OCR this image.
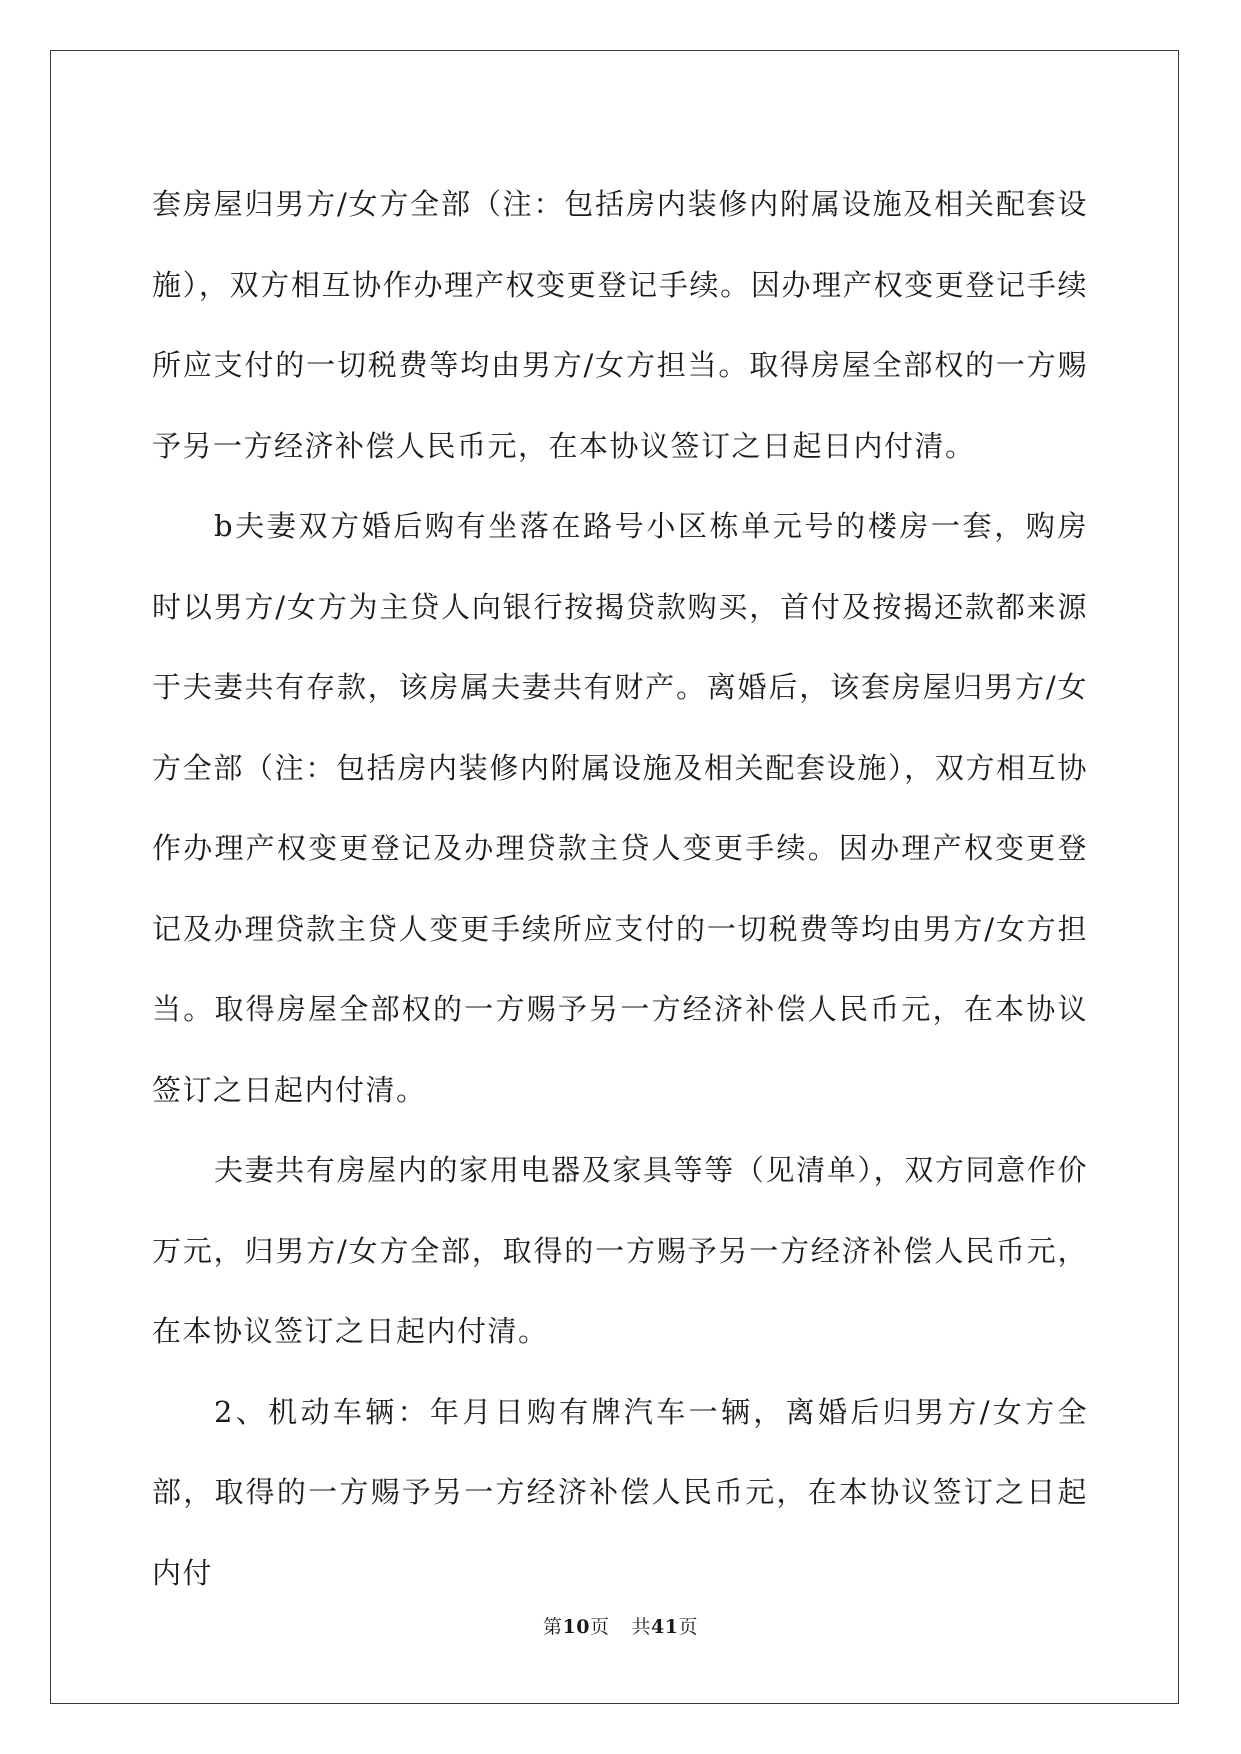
套房屋归男方/女方全部（注：包括房内装修内附属设施及相关配套设施），双方相互协作办理产权变更登记手续。因办理产权变更登记手续所应支付的一切税费等均由男方/女方担当。取得房屋全部权的一方赐予另一方经济补偿人民币元，在本协议签订之日起日内付清。

b夫妻双方婚后购有坐落在路号小区栋单元号的楼房一套，购房时以男方/女方为主贷人向银行按揭贷款购买，首付及按揭还款都来源于夫妻共有存款，该房属夫妻共有财产。离婚后，该套房屋归男方/女方全部（注：包括房内装修内附属设施及相关配套设施），双方相互协作办理产权变更登记及办理贷款主贷人变更手续。因办理产权变更登记及办理贷款主贷人变更手续所应支付的一切税费等均由男方/女方担当。取得房屋全部权的一方赐予另一方经济补偿人民币元，在本协议签订之日起内付清。

夫妻共有房屋内的家用电器及家具等等（见清单），双方同意作价万元，归男方/女方全部，取得的一方赐予另一方经济补偿人民币元，在本协议签订之日起内付清。

2、机动车辆：年月日购有牌汽车一辆，离婚后归男方/女方全部，取得的一方赐予另一方经济补偿人民币元，在本协议签订之日起内付

第10页 共41页
